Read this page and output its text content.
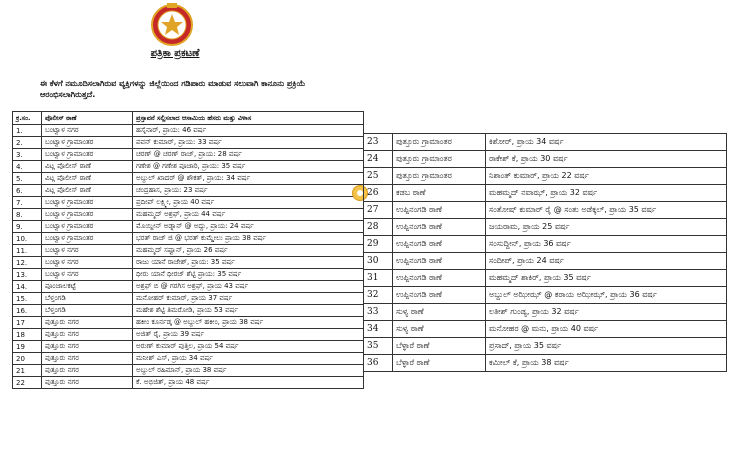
ಪತ್ರಿಕಾ ಪ್ರಕಟಣೆ
ಈ ಕೆಳಗೆ ನಮೂದಿಸಲಾಗಿರುವ ವ್ಯಕ್ತಿಗಳನ್ನು ಜಿಲ್ಲೆಯಿಂದ ಗಡಿಪಾರು ಮಾಡುವ ಸಲುವಾಗಿ ಕಾನೂನು ಪ್ರಕ್ರಿಯೆ ಆರಂಭಿಸಲಾಗಿರುತ್ತದೆ.
ಕ್ರ.ಸಂ.	ಪೊಲೀಸ್ ಠಾಣೆ	ಪ್ರಸ್ತಾವನೆ ಸಲ್ಲಿಸಲಾದ ಆಸಾಮಿಯ ಹೆಸರು ಮತ್ತು ವಿಳಾಸ
1.	ಬಂಟ್ವಾಳ ನಗರ	ಹಸೈನಾರ್, ಪ್ರಾಯ: 46 ವರ್ಷ
2.	ಬಂಟ್ವಾಳ ಗ್ರಾಮಾಂತರ	ಪವನ್ ಕುಮಾರ್, ಪ್ರಾಯ: 33 ವರ್ಷ
3.	ಬಂಟ್ವಾಳ ಗ್ರಾಮಾಂತರ	ಚರಣ್ @ ಚರಣ್ ರಾಜ್, ಪ್ರಾಯ: 28 ವರ್ಷ
4.	ವಿಟ್ಲ ಪೊಲೀಸ್ ಠಾಣೆ	ಗಣೇಶ @ ಗಣೇಶ ಪೂಜಾರಿ, ಪ್ರಾಯ: 35 ವರ್ಷ
5.	ವಿಟ್ಲ ಪೊಲೀಸ್ ಠಾಣೆ	ಅಬ್ದುಲ್ ಖಾದರ್ @ ಶೌಕತ್, ಪ್ರಾಯ: 34 ವರ್ಷ
6.	ವಿಟ್ಲ ಪೊಲೀಸ್ ಠಾಣೆ	ಚಂದ್ರಹಾಸ, ಪ್ರಾಯ: 23 ವರ್ಷ
7.	ಬಂಟ್ವಾಳ ಗ್ರಾಮಾಂತರ	ಪ್ರದೀಪ್ ಲಕ್ಷ್ಮೀ, ಪ್ರಾಯ 40 ವರ್ಷ
8.	ಬಂಟ್ವಾಳ ಗ್ರಾಮಾಂತರ	ಮಹಮ್ಮದ್ ಅಶ್ರಫ್, ಪ್ರಾಯ 44 ವರ್ಷ
9.	ಬಂಟ್ವಾಳ ಗ್ರಾಮಾಂತರ	ಮೊಯ್ದೀನ್ ಅಡ್ನಾನ್ @ ಅದ್ದು, ಪ್ರಾಯ: 24 ವರ್ಷ
10.	ಬಂಟ್ವಾಳ ಗ್ರಾಮಾಂತರ	ಭರತ್ ರಾಜ್ ಜಿ @ ಭರತ್ ಕುಮ್ಡೇಲು ಪ್ರಾಯ 38 ವರ್ಷ
11.	ಬಂಟ್ವಾಳ ನಗರ	ಮಹಮ್ಮದ್ ಸಫ್ವಾನ್, ಪ್ರಾಯ 26 ವರ್ಷ
12.	ಬಂಟ್ವಾಳ ನಗರ	ರಾಜು ಯಾನೆ ರಾಜೇಶ್, ಪ್ರಾಯ: 35 ವರ್ಷ
13.	ಬಂಟ್ವಾಳ ನಗರ	ಧೀರು ಯಾನೆ ಧೀರಜ್ ಶೆಟ್ಟಿ ಪ್ರಾಯ: 35 ವರ್ಷ
14.	ಪೂಂಜಾಲಕಟ್ಟೆ	ಅಶ್ರಫ್ ಬಿ @ ಗರಗಿಸ ಅಶ್ರಫ್, ಪ್ರಾಯ 43 ವರ್ಷ
15.	ಬೆಳ್ತಂಗಡಿ	ಮನೋಹರ್ ಕುಮಾರ್, ಪ್ರಾಯ 37 ವರ್ಷ
16.	ಬೆಳ್ತಂಗಡಿ	ಮಹೇಶ ಶೆಟ್ಟಿ ತಿಮರೋಡಿ, ಪ್ರಾಯ 53 ವರ್ಷ
17	ಪುತ್ತೂರು ನಗರ	ಹಕೀಂ ಕೂರ್ನಡ್ಕ @ ಅಬ್ದುಲ್ ಹಕೀಂ, ಪ್ರಾಯ 38 ವರ್ಷ
18	ಪುತ್ತೂರು ನಗರ	ಅಜಿತ್ ರೈ, ಪ್ರಾಯ 39 ವರ್ಷ
19	ಪುತ್ತೂರು ನಗರ	ಅರುಣ್ ಕುಮಾರ್ ಪುತ್ತಿಲ, ಪ್ರಾಯ 54 ವರ್ಷ
20	ಪುತ್ತೂರು ನಗರ	ಮನೀಶ್ ಎಸ್, ಪ್ರಾಯ 34 ವರ್ಷ
21	ಪುತ್ತೂರು ನಗರ	ಅಬ್ದುಲ್ ರಹಿಮಾನ್, ಪ್ರಾಯ 38 ವರ್ಷ
22	ಪುತ್ತೂರು ನಗರ	ಕೆ. ಅಭಿಜಿತ್, ಪ್ರಾಯ 48 ವರ್ಷ
23	ಪುತ್ತೂರು ಗ್ರಾಮಾಂತರ	ಕಿಶೋರ್, ಪ್ರಾಯ 34 ವರ್ಷ
24	ಪುತ್ತೂರು ಗ್ರಾಮಾಂತರ	ರಾಕೇಶ್ ಕೆ, ಪ್ರಾಯ 30 ವರ್ಷ
25	ಪುತ್ತೂರು ಗ್ರಾಮಾಂತರ	ನಿಶಾಂತ್ ಕುಮಾರ್, ಪ್ರಾಯ 22 ವರ್ಷ
26	ಕಡಬ ಠಾಣೆ	ಮಹಮ್ಮದ್ ನವಾಝ್, ಪ್ರಾಯ 32 ವರ್ಷ
27	ಉಪ್ಪಿನಂಗಡಿ ಠಾಣೆ	ಸಂತೋಷ್ ಕುಮಾರ್ ರೈ @ ಸಂತು ಅಡೆಕ್ಕಲ್, ಪ್ರಾಯ 35 ವರ್ಷ
28	ಉಪ್ಪಿನಂಗಡಿ ಠಾಣೆ	ಜಯರಾಮ, ಪ್ರಾಯ 25 ವರ್ಷ
29	ಉಪ್ಪಿನಂಗಡಿ ಠಾಣೆ	ಸಂಸುದ್ದೀನ್, ಪ್ರಾಯ 36 ವರ್ಷ
30	ಉಪ್ಪಿನಂಗಡಿ ಠಾಣೆ	ಸಂದೀಪ್, ಪ್ರಾಯ 24 ವರ್ಷ
31	ಉಪ್ಪಿನಂಗಡಿ ಠಾಣೆ	ಮಹಮ್ಮದ್ ಶಾಕಿರ್, ಪ್ರಾಯ 35 ವರ್ಷ
32	ಉಪ್ಪಿನಂಗಡಿ ಠಾಣೆ	ಅಬ್ದುಲ್ ಅಝೀಝ್ @ ಕರಾಯ ಅಝೀಝ್, ಪ್ರಾಯ 36 ವರ್ಷ
33	ಸುಳ್ಯ ಠಾಣೆ	ಲತೀಶ್ ಗುಂಡ್ಯ, ಪ್ರಾಯ 32 ವರ್ಷ
34	ಸುಳ್ಯ ಠಾಣೆ	ಮನೋಹರ @ ಮನು, ಪ್ರಾಯ 40 ವರ್ಷ
35	ಬೆಳ್ಳಾರೆ ಠಾಣೆ	ಪ್ರಸಾದ್, ಪ್ರಾಯ 35 ವರ್ಷ
36	ಬೆಳ್ಳಾರೆ ಠಾಣೆ	ಕಮೀಲ್ ಕೆ, ಪ್ರಾಯ 38 ವರ್ಷ
